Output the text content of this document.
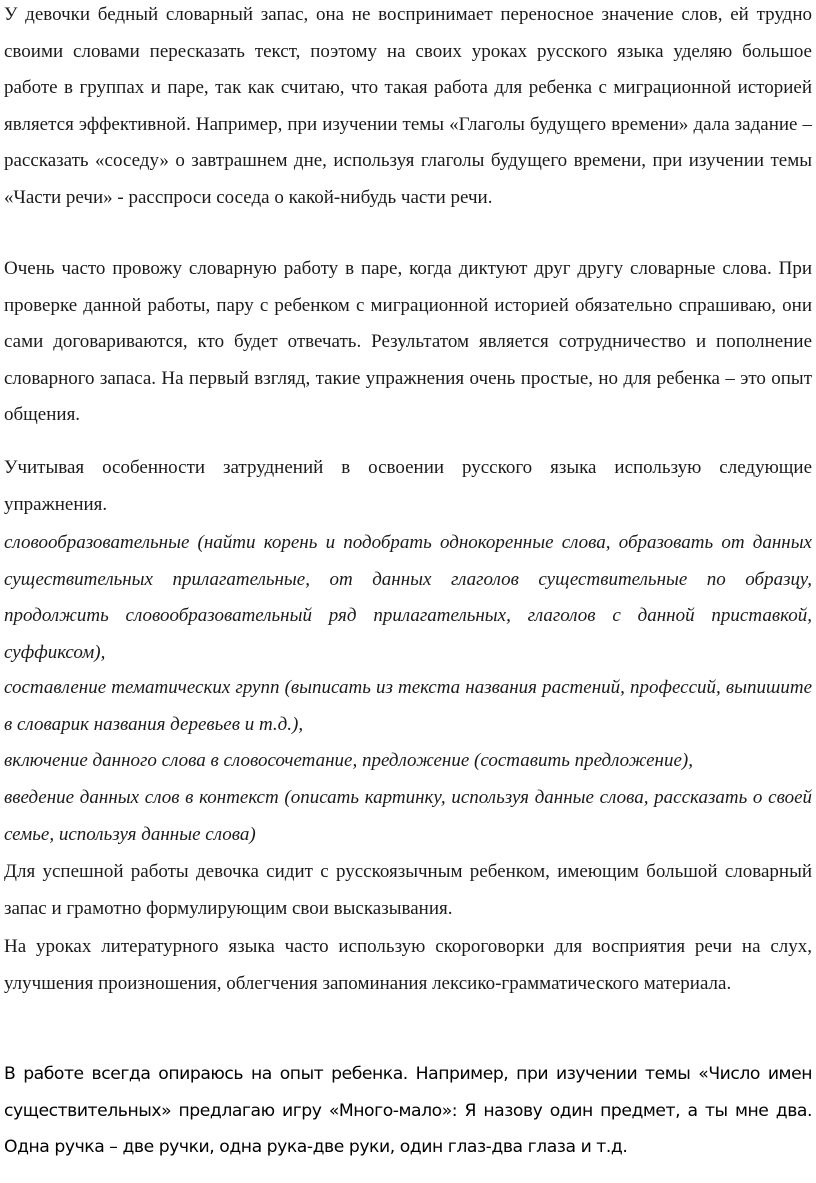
У девочки бедный словарный запас, она не воспринимает переносное значение слов, ей трудно своими словами пересказать текст, поэтому на своих уроках русского языка уделяю большое работе в группах и паре, так как считаю, что такая работа для ребенка с миграционной историей является эффективной. Например, при изучении темы «Глаголы будущего времени» дала задание – рассказать «соседу» о завтрашнем дне, используя глаголы будущего времени, при изучении темы «Части речи» - расспроси соседа о какой-нибудь части речи.

Очень часто провожу словарную работу в паре, когда диктуют друг другу словарные слова. При проверке данной работы, пару с ребенком с миграционной историей обязательно спрашиваю, они сами договариваются, кто будет отвечать. Результатом является сотрудничество и пополнение словарного запаса. На первый взгляд, такие упражнения очень простые, но для ребенка – это опыт общения.

Учитывая особенности затруднений в освоении русского языка использую следующие упражнения.

словообразовательные (найти корень и подобрать однокоренные слова, образовать от данных существительных прилагательные, от данных глаголов существительные по образцу, продолжить словообразовательный ряд прилагательных, глаголов с данной приставкой, суффиксом),

составление тематических групп (выписать из текста названия растений, профессий, выпишите в словарик названия деревьев и т.д.),

включение данного слова в словосочетание, предложение (составить предложение),

введение данных слов в контекст (описать картинку, используя данные слова, рассказать о своей семье, используя данные слова)

Для успешной работы девочка сидит с русскоязычным ребенком, имеющим большой словарный запас и грамотно формулирующим свои высказывания.

На уроках литературного языка часто использую скороговорки для восприятия речи на слух, улучшения произношения, облегчения запоминания лексико-грамматического материала.

В работе всегда опираюсь на опыт ребенка. Например, при изучении темы «Число имен существительных» предлагаю игру «Много-мало»: Я назову один предмет, а ты мне два. Одна ручка – две ручки, одна рука-две руки, один глаз-два глаза и т.д.
